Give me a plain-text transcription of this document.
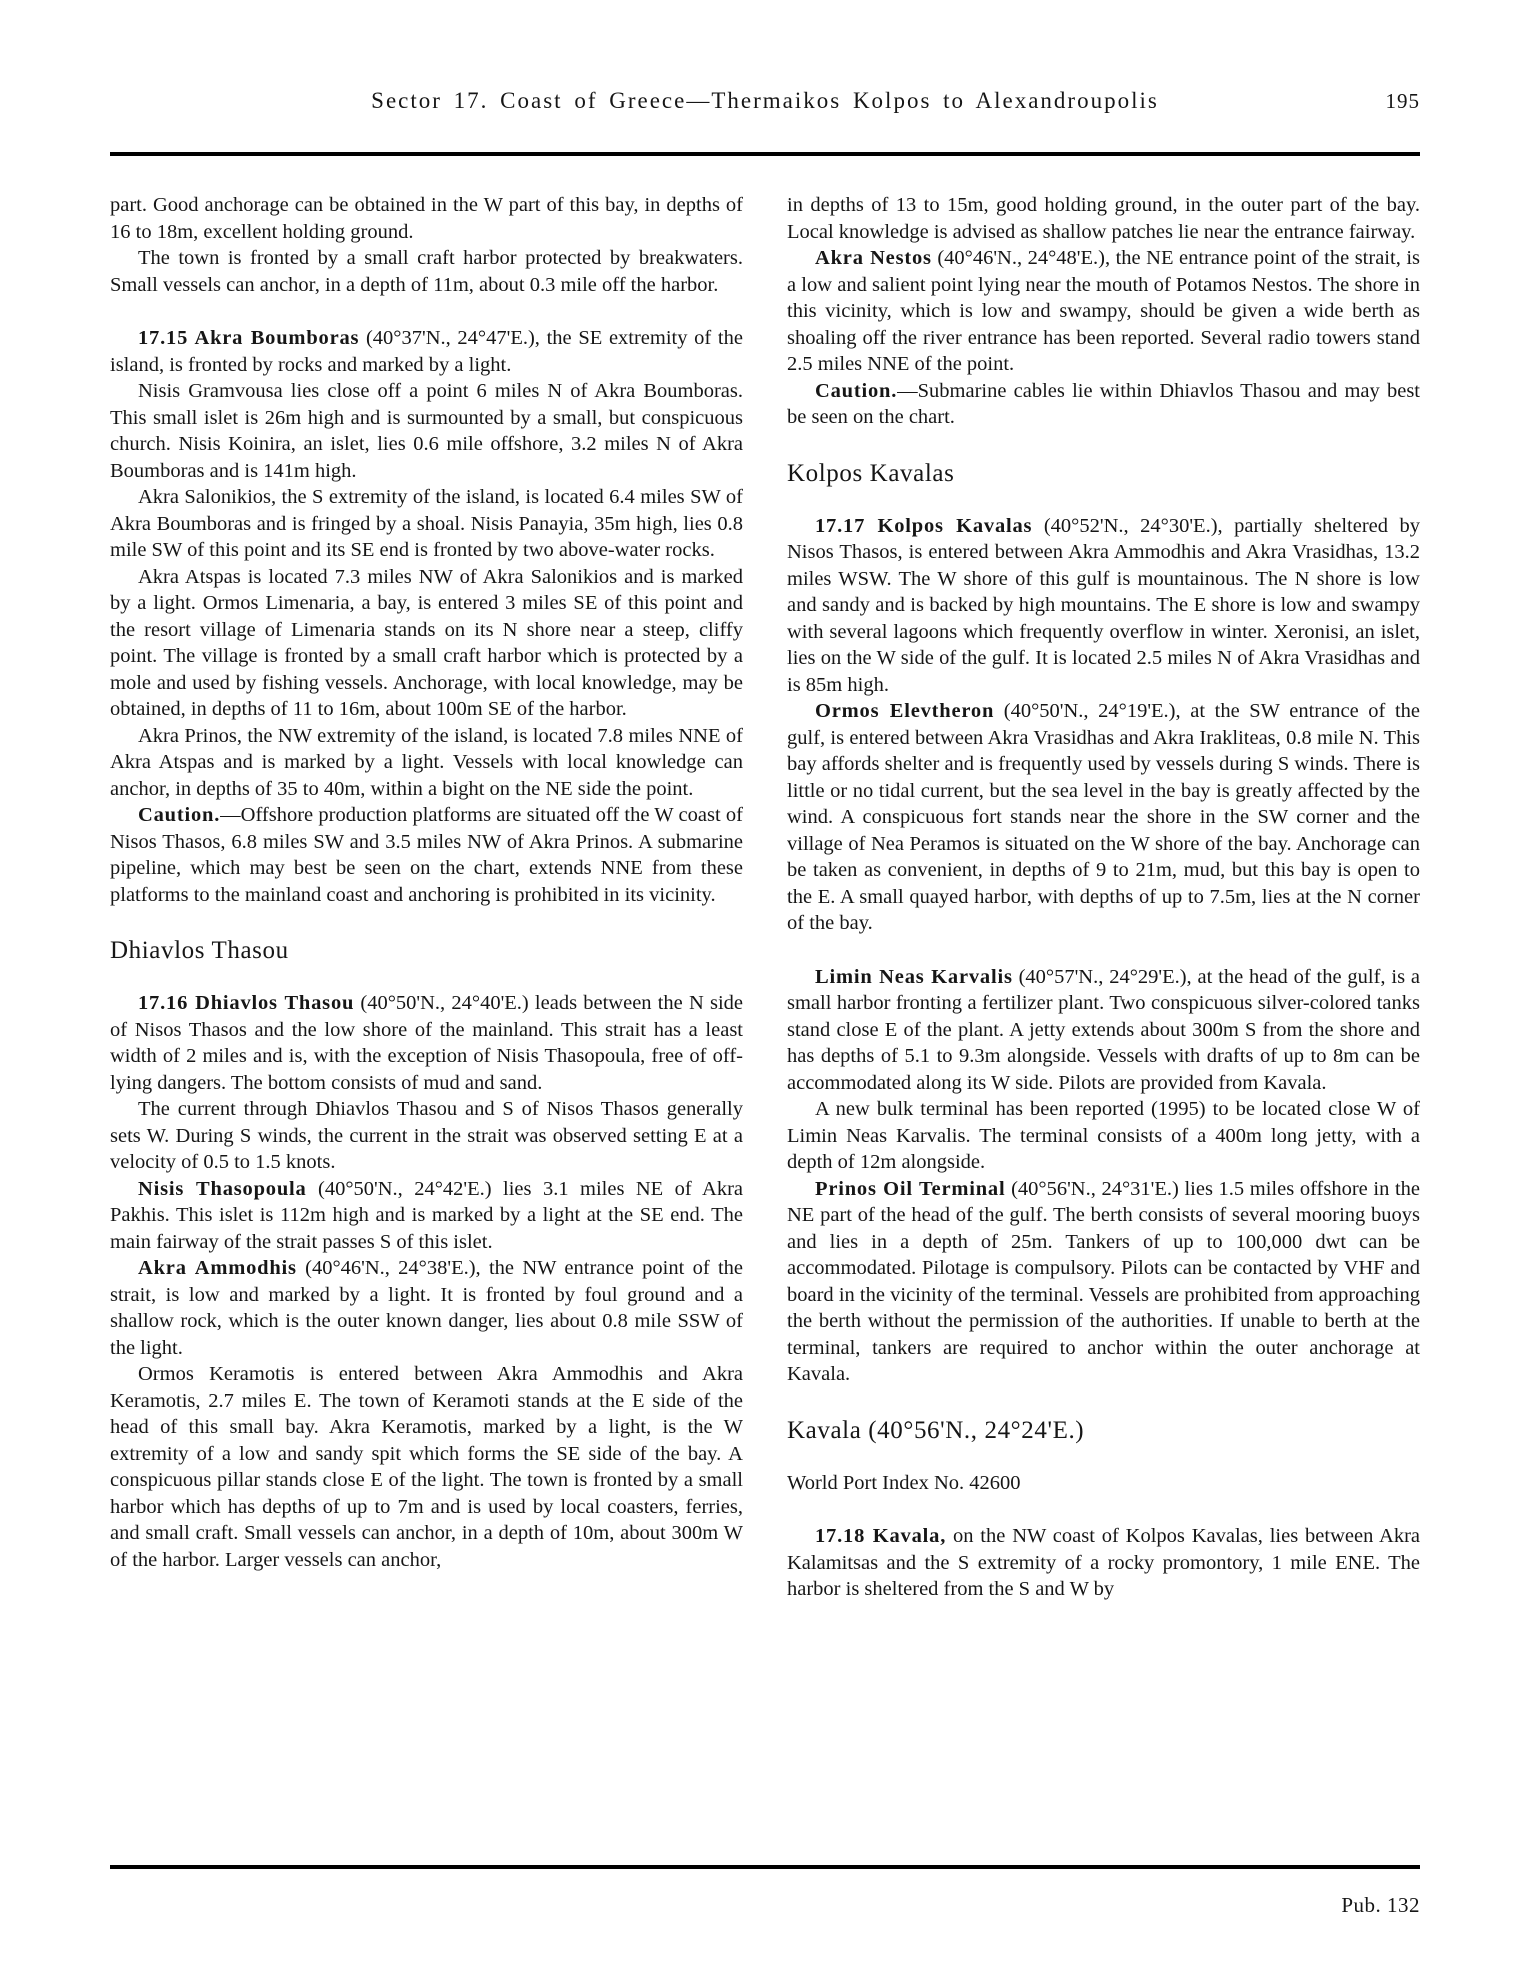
Sector 17. Coast of Greece—Thermaikos Kolpos to Alexandroupolis	195

part. Good anchorage can be obtained in the W part of this bay, in depths of 16 to 18m, excellent holding ground.

The town is fronted by a small craft harbor protected by breakwaters. Small vessels can anchor, in a depth of 11m, about 0.3 mile off the harbor.

17.15 Akra Boumboras (40°37'N., 24°47'E.), the SE extremity of the island, is fronted by rocks and marked by a light.

Nisis Gramvousa lies close off a point 6 miles N of Akra Boumboras. This small islet is 26m high and is surmounted by a small, but conspicuous church. Nisis Koinira, an islet, lies 0.6 mile offshore, 3.2 miles N of Akra Boumboras and is 141m high.

Akra Salonikios, the S extremity of the island, is located 6.4 miles SW of Akra Boumboras and is fringed by a shoal. Nisis Panayia, 35m high, lies 0.8 mile SW of this point and its SE end is fronted by two above-water rocks.

Akra Atspas is located 7.3 miles NW of Akra Salonikios and is marked by a light. Ormos Limenaria, a bay, is entered 3 miles SE of this point and the resort village of Limenaria stands on its N shore near a steep, cliffy point. The village is fronted by a small craft harbor which is protected by a mole and used by fishing vessels. Anchorage, with local knowledge, may be obtained, in depths of 11 to 16m, about 100m SE of the harbor.

Akra Prinos, the NW extremity of the island, is located 7.8 miles NNE of Akra Atspas and is marked by a light. Vessels with local knowledge can anchor, in depths of 35 to 40m, within a bight on the NE side the point.

Caution.—Offshore production platforms are situated off the W coast of Nisos Thasos, 6.8 miles SW and 3.5 miles NW of Akra Prinos. A submarine pipeline, which may best be seen on the chart, extends NNE from these platforms to the mainland coast and anchoring is prohibited in its vicinity.

Dhiavlos Thasou

17.16 Dhiavlos Thasou (40°50'N., 24°40'E.) leads between the N side of Nisos Thasos and the low shore of the mainland. This strait has a least width of 2 miles and is, with the exception of Nisis Thasopoula, free of off-lying dangers. The bottom consists of mud and sand.

The current through Dhiavlos Thasou and S of Nisos Thasos generally sets W. During S winds, the current in the strait was observed setting E at a velocity of 0.5 to 1.5 knots.

Nisis Thasopoula (40°50'N., 24°42'E.) lies 3.1 miles NE of Akra Pakhis. This islet is 112m high and is marked by a light at the SE end. The main fairway of the strait passes S of this islet.

Akra Ammodhis (40°46'N., 24°38'E.), the NW entrance point of the strait, is low and marked by a light. It is fronted by foul ground and a shallow rock, which is the outer known danger, lies about 0.8 mile SSW of the light.

Ormos Keramotis is entered between Akra Ammodhis and Akra Keramotis, 2.7 miles E. The town of Keramoti stands at the E side of the head of this small bay. Akra Keramotis, marked by a light, is the W extremity of a low and sandy spit which forms the SE side of the bay. A conspicuous pillar stands close E of the light. The town is fronted by a small harbor which has depths of up to 7m and is used by local coasters, ferries, and small craft. Small vessels can anchor, in a depth of 10m, about 300m W of the harbor. Larger vessels can anchor,

in depths of 13 to 15m, good holding ground, in the outer part of the bay. Local knowledge is advised as shallow patches lie near the entrance fairway.

Akra Nestos (40°46'N., 24°48'E.), the NE entrance point of the strait, is a low and salient point lying near the mouth of Potamos Nestos. The shore in this vicinity, which is low and swampy, should be given a wide berth as shoaling off the river entrance has been reported. Several radio towers stand 2.5 miles NNE of the point.

Caution.—Submarine cables lie within Dhiavlos Thasou and may best be seen on the chart.

Kolpos Kavalas

17.17 Kolpos Kavalas (40°52'N., 24°30'E.), partially sheltered by Nisos Thasos, is entered between Akra Ammodhis and Akra Vrasidhas, 13.2 miles WSW. The W shore of this gulf is mountainous. The N shore is low and sandy and is backed by high mountains. The E shore is low and swampy with several lagoons which frequently overflow in winter. Xeronisi, an islet, lies on the W side of the gulf. It is located 2.5 miles N of Akra Vrasidhas and is 85m high.

Ormos Elevtheron (40°50'N., 24°19'E.), at the SW entrance of the gulf, is entered between Akra Vrasidhas and Akra Irakliteas, 0.8 mile N. This bay affords shelter and is frequently used by vessels during S winds. There is little or no tidal current, but the sea level in the bay is greatly affected by the wind. A conspicuous fort stands near the shore in the SW corner and the village of Nea Peramos is situated on the W shore of the bay. Anchorage can be taken as convenient, in depths of 9 to 21m, mud, but this bay is open to the E. A small quayed harbor, with depths of up to 7.5m, lies at the N corner of the bay.

Limin Neas Karvalis (40°57'N., 24°29'E.), at the head of the gulf, is a small harbor fronting a fertilizer plant. Two conspicuous silver-colored tanks stand close E of the plant. A jetty extends about 300m S from the shore and has depths of 5.1 to 9.3m alongside. Vessels with drafts of up to 8m can be accommodated along its W side. Pilots are provided from Kavala.

A new bulk terminal has been reported (1995) to be located close W of Limin Neas Karvalis. The terminal consists of a 400m long jetty, with a depth of 12m alongside.

Prinos Oil Terminal (40°56'N., 24°31'E.) lies 1.5 miles offshore in the NE part of the head of the gulf. The berth consists of several mooring buoys and lies in a depth of 25m. Tankers of up to 100,000 dwt can be accommodated. Pilotage is compulsory. Pilots can be contacted by VHF and board in the vicinity of the terminal. Vessels are prohibited from approaching the berth without the permission of the authorities. If unable to berth at the terminal, tankers are required to anchor within the outer anchorage at Kavala.

Kavala (40°56'N., 24°24'E.)

World Port Index No. 42600

17.18 Kavala, on the NW coast of Kolpos Kavalas, lies between Akra Kalamitsas and the S extremity of a rocky promontory, 1 mile ENE. The harbor is sheltered from the S and W by

Pub. 132
